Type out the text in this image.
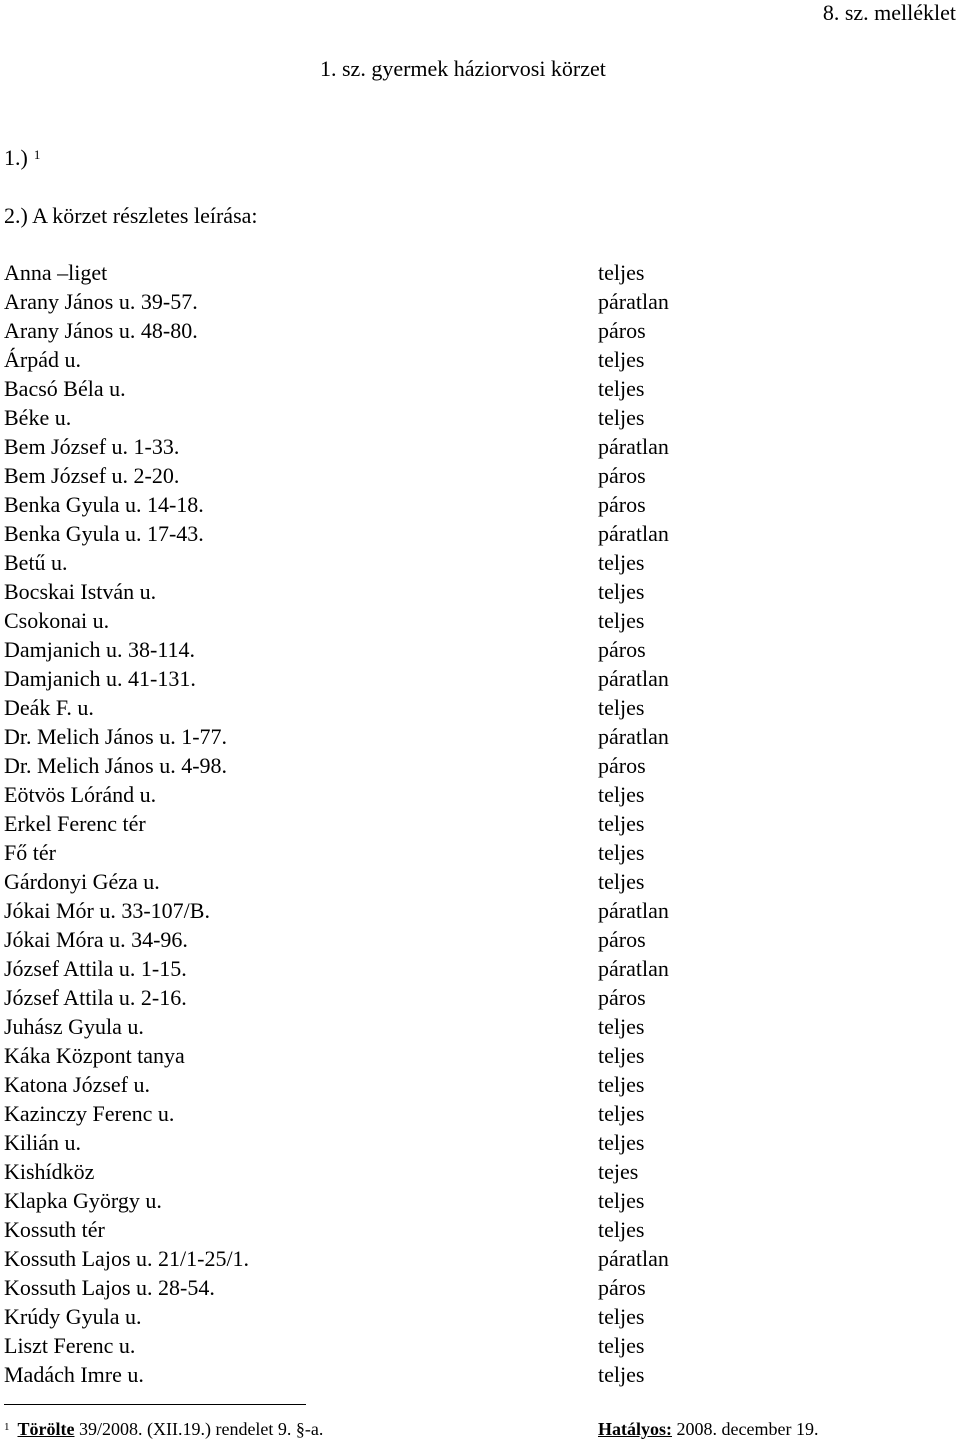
8. sz. melléklet
1. sz. gyermek háziorvosi körzet
1.) $^1$
2.) A körzet részletes leírása:
Anna –liget	teljes
Arany János u. 39-57.	páratlan
Arany János u. 48-80.	páros
Árpád u.	teljes
Bacsó Béla u.	teljes
Béke u.	teljes
Bem József u. 1-33.	páratlan
Bem József u. 2-20.	páros
Benka Gyula u. 14-18.	páros
Benka Gyula u. 17-43.	páratlan
Betű u.	teljes
Bocskai István u.	teljes
Csokonai u.	teljes
Damjanich u. 38-114.	páros
Damjanich u. 41-131.	páratlan
Deák F. u.	teljes
Dr. Melich János u. 1-77.	páratlan
Dr. Melich János u. 4-98.	páros
Eötvös Lóránd u.	teljes
Erkel Ferenc tér	teljes
Fő tér	teljes
Gárdonyi Géza u.	teljes
Jókai Mór u. 33-107/B.	páratlan
Jókai Móra u. 34-96.	páros
József Attila u. 1-15.	páratlan
József Attila u. 2-16.	páros
Juhász Gyula u.	teljes
Káka Központ tanya	teljes
Katona József u.	teljes
Kazinczy Ferenc u.	teljes
Kilián u.	teljes
Kishídköz	tejes
Klapka György u.	teljes
Kossuth tér	teljes
Kossuth Lajos u. 21/1-25/1.	páratlan
Kossuth Lajos u. 28-54.	páros
Krúdy Gyula u.	teljes
Liszt Ferenc u.	teljes
Madách Imre u.	teljes
$^1$ Törölte 39/2008. (XII.19.) rendelet 9. §-a.	Hatályos: 2008. december 19.
